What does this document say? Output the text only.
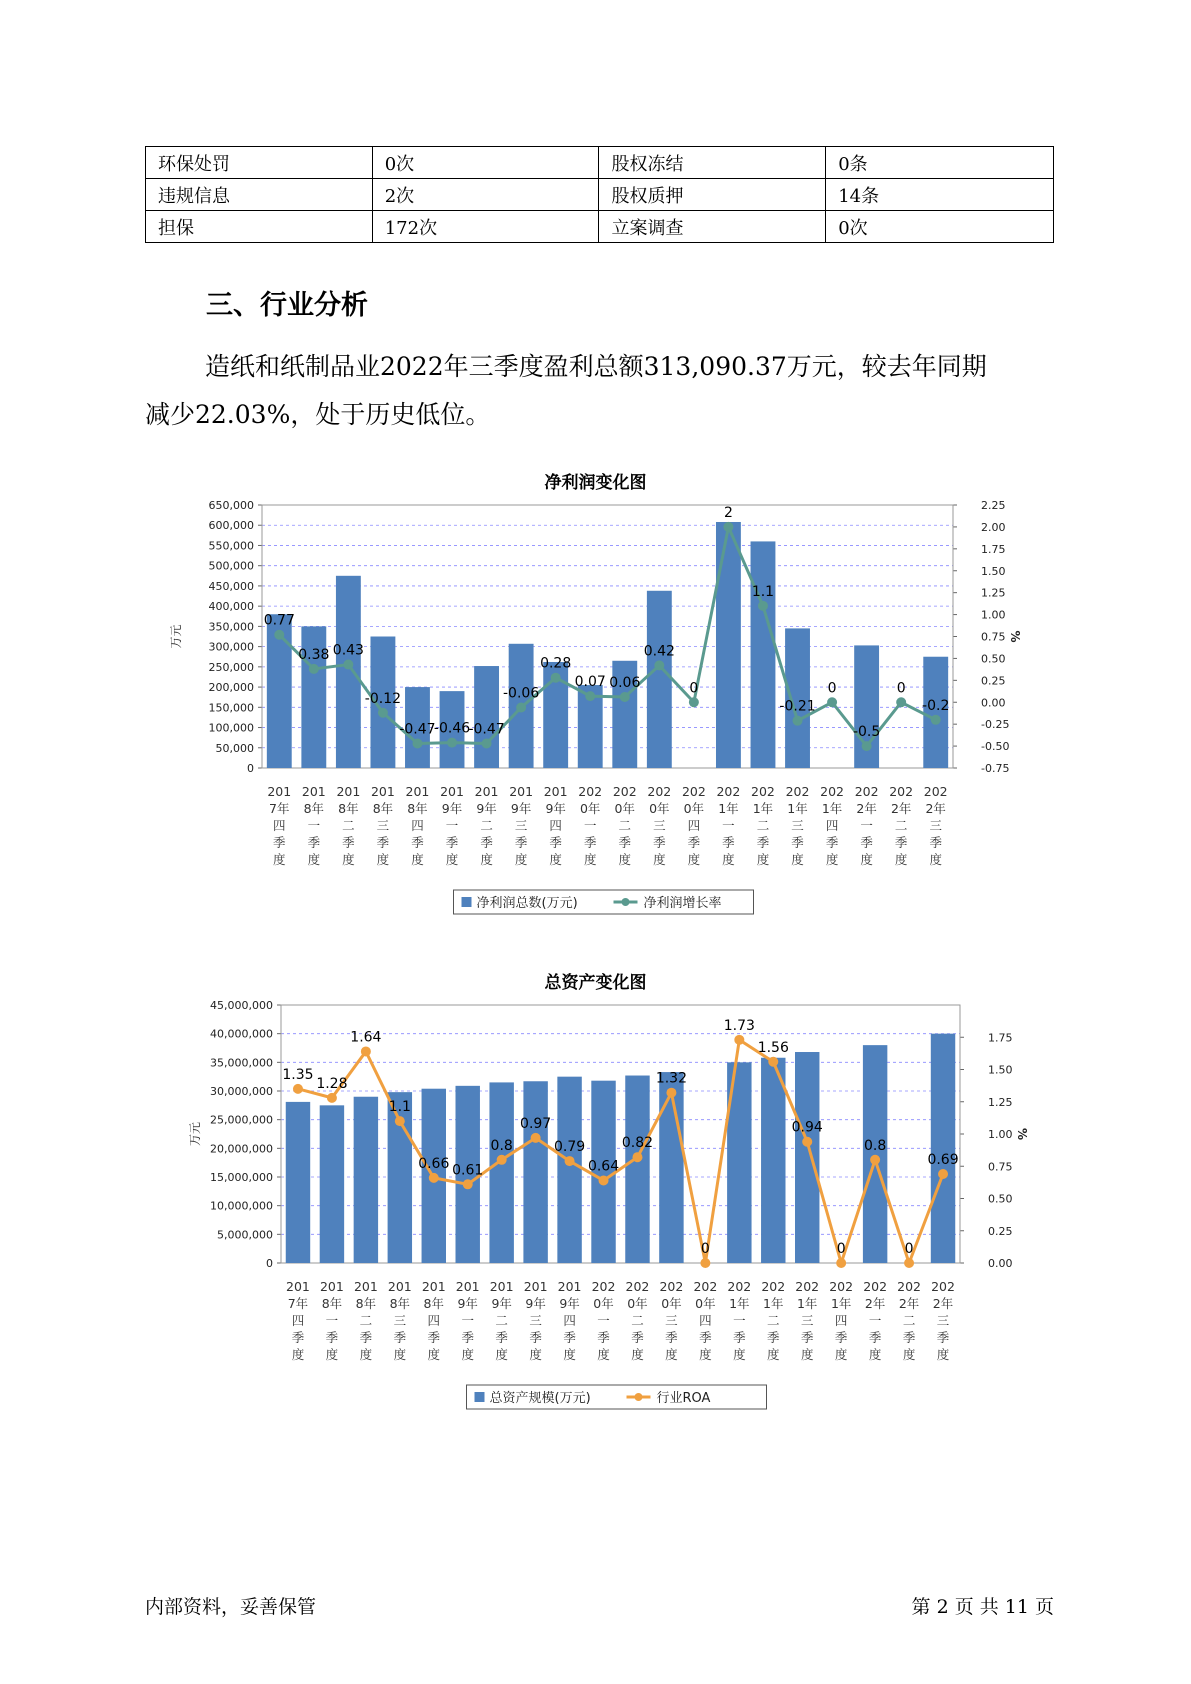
环保处罚	0次	股权冻结	0条
违规信息	2次	股权质押	14条
担保	172次	立案调查	0次
三、行业分析
造纸和纸制品业2022年三季度盈利总额313,090.37万元，较去年同期
减少22.03%，处于历史低位。
净利润变化图
0
50,000
100,000
150,000
200,000
250,000
300,000
350,000
400,000
450,000
500,000
550,000
600,000
650,000
-0.75
-0.50
-0.25
0.00
0.25
0.50
0.75
1.00
1.25
1.50
1.75
2.00
2.25
万元	%
201 7年四季度
201 8年一季度
201 8年二季度
201 8年三季度
201 8年四季度
201 9年一季度
201 9年二季度
201 9年三季度
201 9年四季度
202 0年一季度
202 0年二季度
202 0年三季度
202 0年四季度
202 1年一季度
202 1年二季度
202 1年三季度
202 1年四季度
202 2年一季度
202 2年二季度
202 2年三季度
0.77
0.38 0.43
-0.12
-0.47
-0.46
-0.47
-0.06
0.28
0.07 0.06
0.42
0
2
1.1
-0.21
0
-0.5
0
-0.2
净利润总数(万元)	净利润增长率
总资产变化图
0
5,000,000
10,000,000
15,000,000
20,000,000
25,000,000
30,000,000
35,000,000
40,000,000
45,000,000
0.00
0.25
0.50
0.75
1.00
1.25
1.50
1.75
万元	%
201 7年四季度
201 8年一季度
201 8年二季度
201 8年三季度
201 8年四季度
201 9年一季度
201 9年二季度
201 9年三季度
201 9年四季度
202 0年一季度
202 0年二季度
202 0年三季度
202 0年四季度
202 1年一季度
202 1年二季度
202 1年三季度
202 1年四季度
202 2年一季度
202 2年二季度
202 2年三季度
1.35
1.28
1.64
1.1
0.66 0.61
0.8
0.97
0.79
0.64
0.82
1.32
0
1.73
1.56
0.94
0
0.8
0
0.69
总资产规模(万元)	行业ROA
内部资料，妥善保管	第 2 页 共 11 页
